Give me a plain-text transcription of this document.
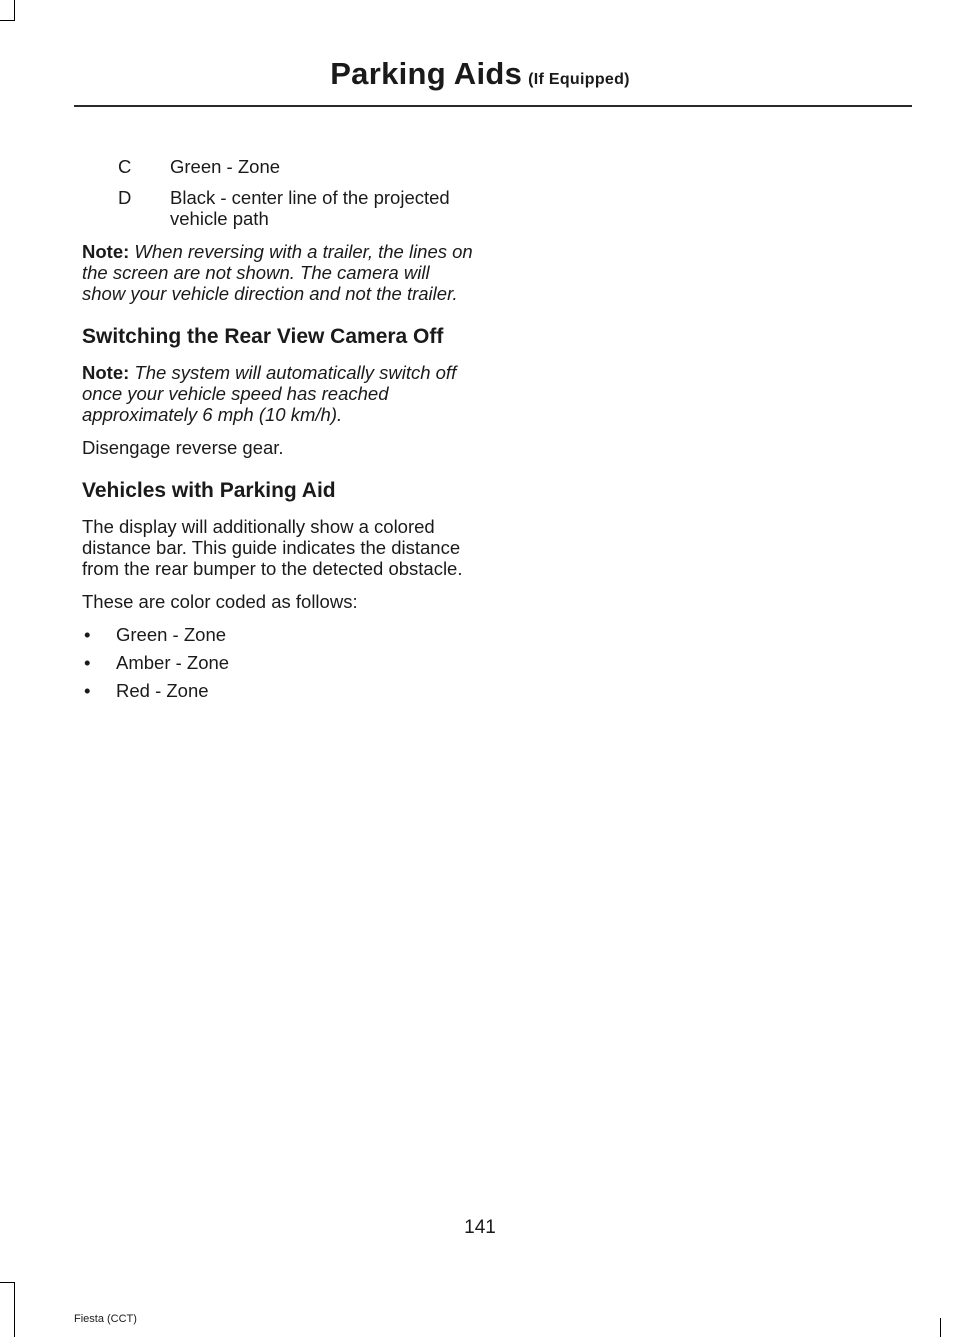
Parking Aids (If Equipped)
C	Green - Zone
D	Black - center line of the projected vehicle path

Note: When reversing with a trailer, the lines on the screen are not shown. The camera will show your vehicle direction and not the trailer.

Switching the Rear View Camera Off

Note: The system will automatically switch off once your vehicle speed has reached approximately 6 mph (10 km/h).

Disengage reverse gear.

Vehicles with Parking Aid

The display will additionally show a colored distance bar. This guide indicates the distance from the rear bumper to the detected obstacle.

These are color coded as follows:

•	Green - Zone
•	Amber - Zone
•	Red - Zone
141
Fiesta (CCT)
